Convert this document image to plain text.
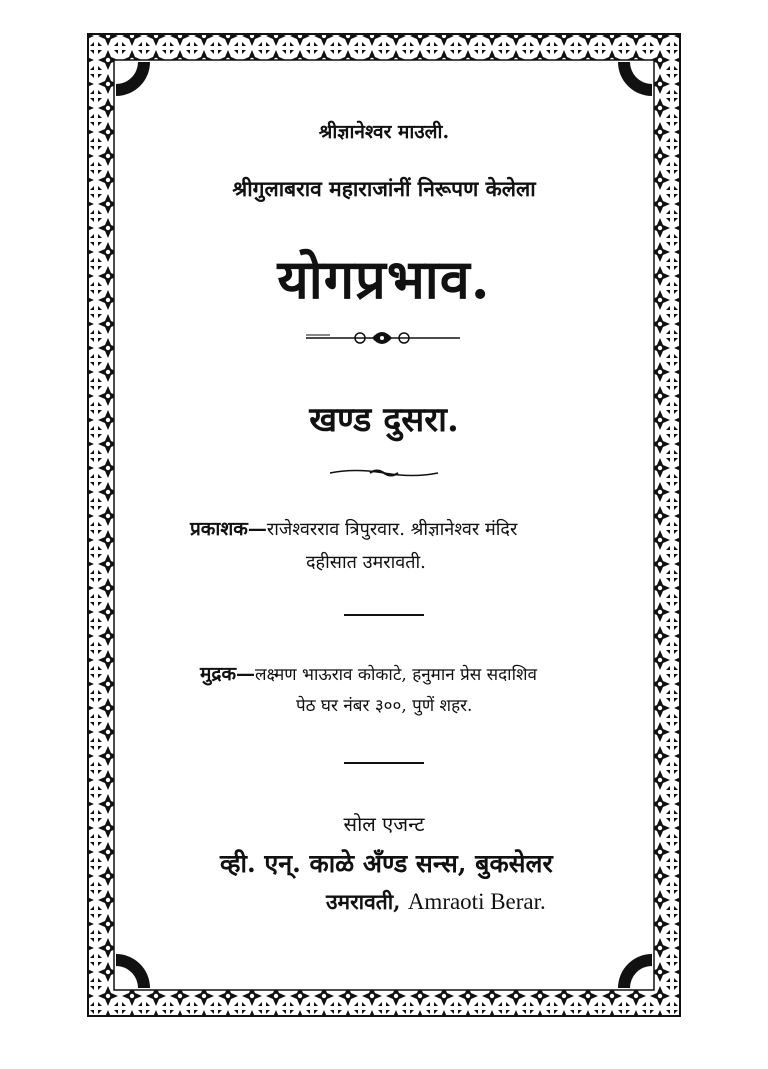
श्रीज्ञानेश्वर माउली.
श्रीगुलाबराव महाराजांनीं निरूपण केलेला
योगप्रभाव.
खण्ड दुसरा.
प्रकाशक—राजेश्वरराव त्रिपुरवार. श्रीज्ञानेश्वर मंदिर
दहीसात उमरावती.
मुद्रक—लक्ष्मण भाऊराव कोकाटे, हनुमान प्रेस सदाशिव
पेठ घर नंबर ३००, पुणें शहर.
सोल एजन्ट
व्ही. एन्. काळे अँण्ड सन्स, बुकसेलर
उमरावती, Amraoti Berar.
